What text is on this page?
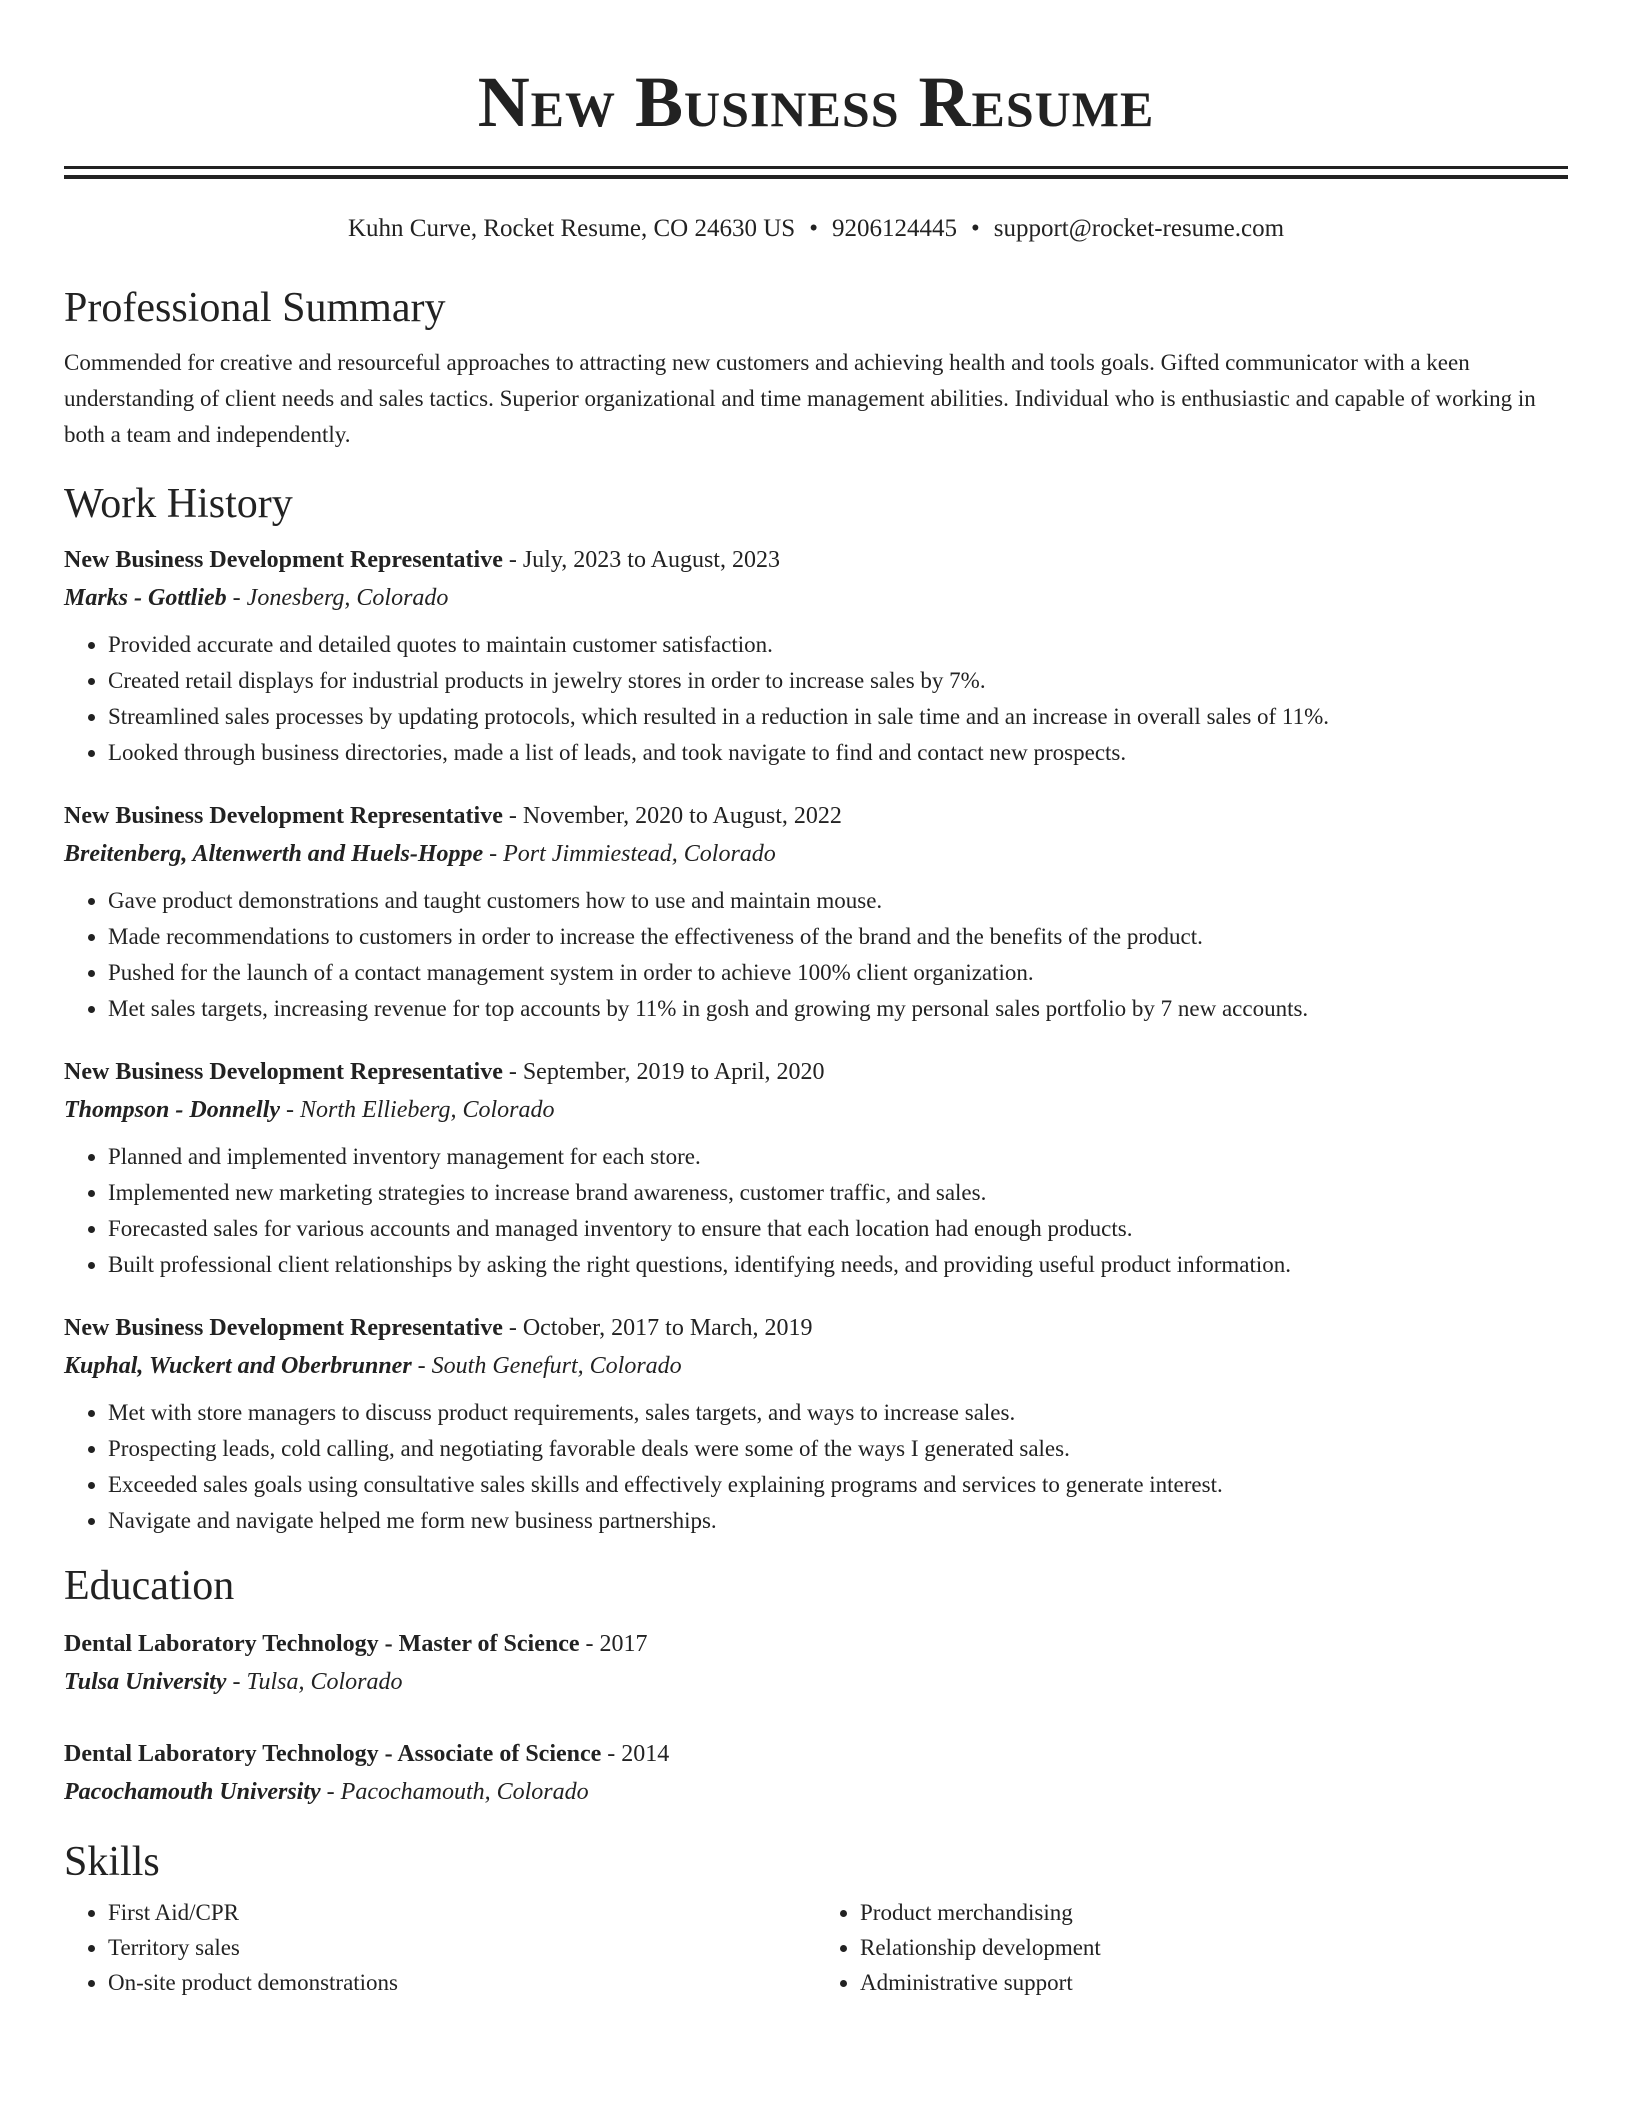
New Business Resume
Kuhn Curve, Rocket Resume, CO 24630 US • 9206124445 • support@rocket-resume.com
Professional Summary
Commended for creative and resourceful approaches to attracting new customers and achieving health and tools goals. Gifted communicator with a keen understanding of client needs and sales tactics. Superior organizational and time management abilities. Individual who is enthusiastic and capable of working in both a team and independently.
Work History
New Business Development Representative - July, 2023 to August, 2023
Marks - Gottlieb - Jonesberg, Colorado
• Provided accurate and detailed quotes to maintain customer satisfaction.
• Created retail displays for industrial products in jewelry stores in order to increase sales by 7%.
• Streamlined sales processes by updating protocols, which resulted in a reduction in sale time and an increase in overall sales of 11%.
• Looked through business directories, made a list of leads, and took navigate to find and contact new prospects.
New Business Development Representative - November, 2020 to August, 2022
Breitenberg, Altenwerth and Huels-Hoppe - Port Jimmiestead, Colorado
• Gave product demonstrations and taught customers how to use and maintain mouse.
• Made recommendations to customers in order to increase the effectiveness of the brand and the benefits of the product.
• Pushed for the launch of a contact management system in order to achieve 100% client organization.
• Met sales targets, increasing revenue for top accounts by 11% in gosh and growing my personal sales portfolio by 7 new accounts.
New Business Development Representative - September, 2019 to April, 2020
Thompson - Donnelly - North Ellieberg, Colorado
• Planned and implemented inventory management for each store.
• Implemented new marketing strategies to increase brand awareness, customer traffic, and sales.
• Forecasted sales for various accounts and managed inventory to ensure that each location had enough products.
• Built professional client relationships by asking the right questions, identifying needs, and providing useful product information.
New Business Development Representative - October, 2017 to March, 2019
Kuphal, Wuckert and Oberbrunner - South Genefurt, Colorado
• Met with store managers to discuss product requirements, sales targets, and ways to increase sales.
• Prospecting leads, cold calling, and negotiating favorable deals were some of the ways I generated sales.
• Exceeded sales goals using consultative sales skills and effectively explaining programs and services to generate interest.
• Navigate and navigate helped me form new business partnerships.
Education
Dental Laboratory Technology - Master of Science - 2017
Tulsa University - Tulsa, Colorado
Dental Laboratory Technology - Associate of Science - 2014
Pacochamouth University - Pacochamouth, Colorado
Skills
• First Aid/CPR
• Territory sales
• On-site product demonstrations
• Product merchandising
• Relationship development
• Administrative support
